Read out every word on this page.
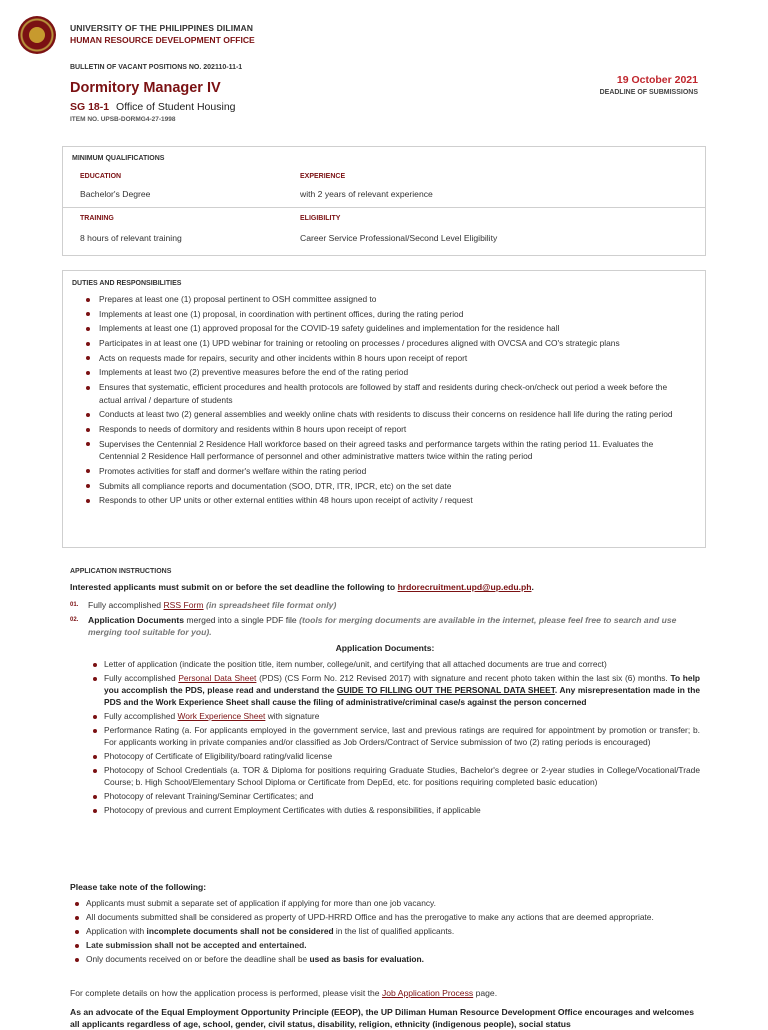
UNIVERSITY OF THE PHILIPPINES DILIMAN
HUMAN RESOURCE DEVELOPMENT OFFICE
BULLETIN OF VACANT POSITIONS NO. 202110-11-1
Dormitory Manager IV
SG 18-1 Office of Student Housing
ITEM NO. UPSB-DORMG4-27-1998
19 October 2021
DEADLINE OF SUBMISSIONS
MINIMUM QUALIFICATIONS
EDUCATION
Bachelor's Degree
EXPERIENCE
with 2 years of relevant experience
TRAINING
8 hours of relevant training
ELIGIBILITY
Career Service Professional/Second Level Eligibility
DUTIES AND RESPONSIBILITIES
Prepares at least one (1) proposal pertinent to OSH committee assigned to
Implements at least one (1) proposal, in coordination with pertinent offices, during the rating period
Implements at least one (1) approved proposal for the COVID-19 safety guidelines and implementation for the residence hall
Participates in at least one (1) UPD webinar for training or retooling on processes / procedures aligned with OVCSA and CO's strategic plans
Acts on requests made for repairs, security and other incidents within 8 hours upon receipt of report
Implements at least two (2) preventive measures before the end of the rating period
Ensures that systematic, efficient procedures and health protocols are followed by staff and residents during check-on/check out period a week before the actual arrival / departure of students
Conducts at least two (2) general assemblies and weekly online chats with residents to discuss their concerns on residence hall life during the rating period
Responds to needs of dormitory and residents within 8 hours upon receipt of report
Supervises the Centennial 2 Residence Hall workforce based on their agreed tasks and performance targets within the rating period 11. Evaluates the Centennial 2 Residence Hall performance of personnel and other administrative matters twice within the rating period
Promotes activities for staff and dormer's welfare within the rating period
Submits all compliance reports and documentation (SOO, DTR, ITR, IPCR, etc) on the set date
Responds to other UP units or other external entities within 48 hours upon receipt of activity / request
APPLICATION INSTRUCTIONS
Interested applicants must submit on or before the set deadline the following to hrdorecruitment.upd@up.edu.ph.
01. Fully accomplished RSS Form (in spreadsheet file format only)
02. Application Documents merged into a single PDF file (tools for merging documents are available in the internet, please feel free to search and use merging tool suitable for you).
Application Documents:
Letter of application (indicate the position title, item number, college/unit, and certifying that all attached documents are true and correct)
Fully accomplished Personal Data Sheet (PDS) (CS Form No. 212 Revised 2017) with signature and recent photo taken within the last six (6) months. To help you accomplish the PDS, please read and understand the GUIDE TO FILLING OUT THE PERSONAL DATA SHEET. Any misrepresentation made in the PDS and the Work Experience Sheet shall cause the filing of administrative/criminal case/s against the person concerned
Fully accomplished Work Experience Sheet with signature
Performance Rating (a. For applicants employed in the government service, last and previous ratings are required for appointment by promotion or transfer; b. For applicants working in private companies and/or classified as Job Orders/Contract of Service submission of two (2) rating periods is encouraged)
Photocopy of Certificate of Eligibility/board rating/valid license
Photocopy of School Credentials (a. TOR & Diploma for positions requiring Graduate Studies, Bachelor's degree or 2-year studies in College/Vocational/Trade Course; b. High School/Elementary School Diploma or Certificate from DepEd, etc. for positions requiring completed basic education)
Photocopy of relevant Training/Seminar Certificates; and
Photocopy of previous and current Employment Certificates with duties & responsibilities, if applicable
Please take note of the following:
Applicants must submit a separate set of application if applying for more than one job vacancy.
All documents submitted shall be considered as property of UPD-HRRD Office and has the prerogative to make any actions that are deemed appropriate.
Application with incomplete documents shall not be considered in the list of qualified applicants.
Late submission shall not be accepted and entertained.
Only documents received on or before the deadline shall be used as basis for evaluation.
For complete details on how the application process is performed, please visit the Job Application Process page.
As an advocate of the Equal Employment Opportunity Principle (EEOP), the UP Diliman Human Resource Development Office encourages and welcomes all applicants regardless of age, school, gender, civil status, disability, religion, ethnicity (indigenous people), social status
